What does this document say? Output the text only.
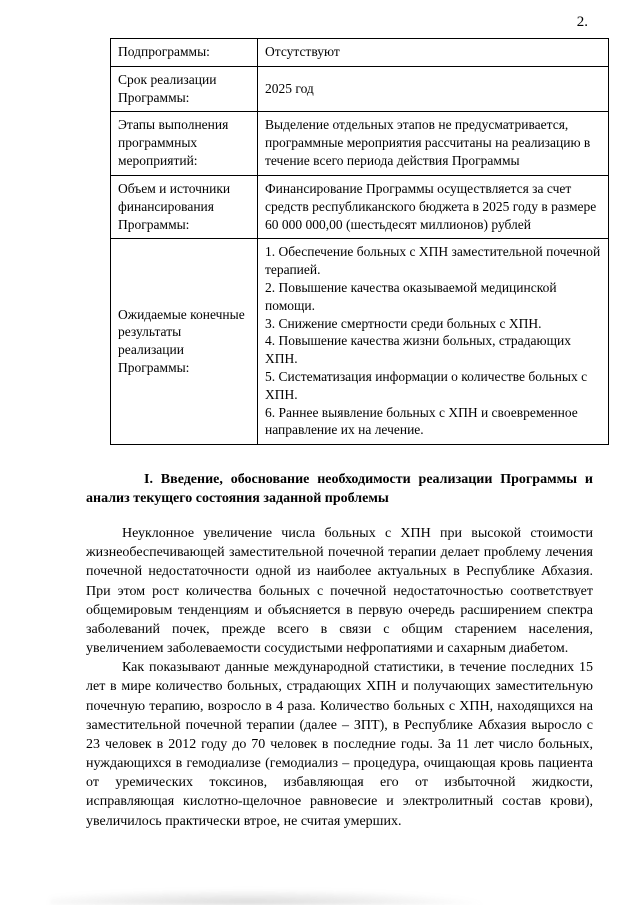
2.
Подпрограммы:	Отсутствуют
Срок реализации Программы:	2025 год
Этапы выполнения программных мероприятий:	Выделение отдельных этапов не предусматривается, программные мероприятия рассчитаны на реализацию в течение всего периода действия Программы
Объем и источники финансирования Программы:	Финансирование Программы осуществляется за счет средств республиканского бюджета в 2025 году в размере 60 000 000,00 (шестьдесят миллионов) рублей
Ожидаемые конечные результаты реализации Программы:	
1. Обеспечение больных с ХПН заместительной почечной терапией.
2. Повышение качества оказываемой медицинской помощи.
3. Снижение смертности среди больных с ХПН.
4. Повышение качества жизни больных, страдающих ХПН.
5. Систематизация информации о количестве больных с ХПН.
6. Раннее выявление больных с ХПН и своевременное направление их на лечение.
I. Введение, обоснование необходимости реализации Программы и анализ текущего состояния заданной проблемы

Неуклонное увеличение числа больных с ХПН при высокой стоимости жизнеобеспечивающей заместительной почечной терапии делает проблему лечения почечной недостаточности одной из наиболее актуальных в Республике Абхазия. При этом рост количества больных с почечной недостаточностью соответствует общемировым тенденциям и объясняется в первую очередь расширением спектра заболеваний почек, прежде всего в связи с общим старением населения, увеличением заболеваемости сосудистыми нефропатиями и сахарным диабетом.

Как показывают данные международной статистики, в течение последних 15 лет в мире количество больных, страдающих ХПН и получающих заместительную почечную терапию, возросло в 4 раза. Количество больных с ХПН, находящихся на заместительной почечной терапии (далее – ЗПТ), в Республике Абхазия выросло с 23 человек в 2012 году до 70 человек в последние годы. За 11 лет число больных, нуждающихся в гемодиализе (гемодиализ – процедура, очищающая кровь пациента от уремических токсинов, избавляющая его от избыточной жидкости, исправляющая кислотно-щелочное равновесие и электролитный состав крови), увеличилось практически втрое, не считая умерших.
